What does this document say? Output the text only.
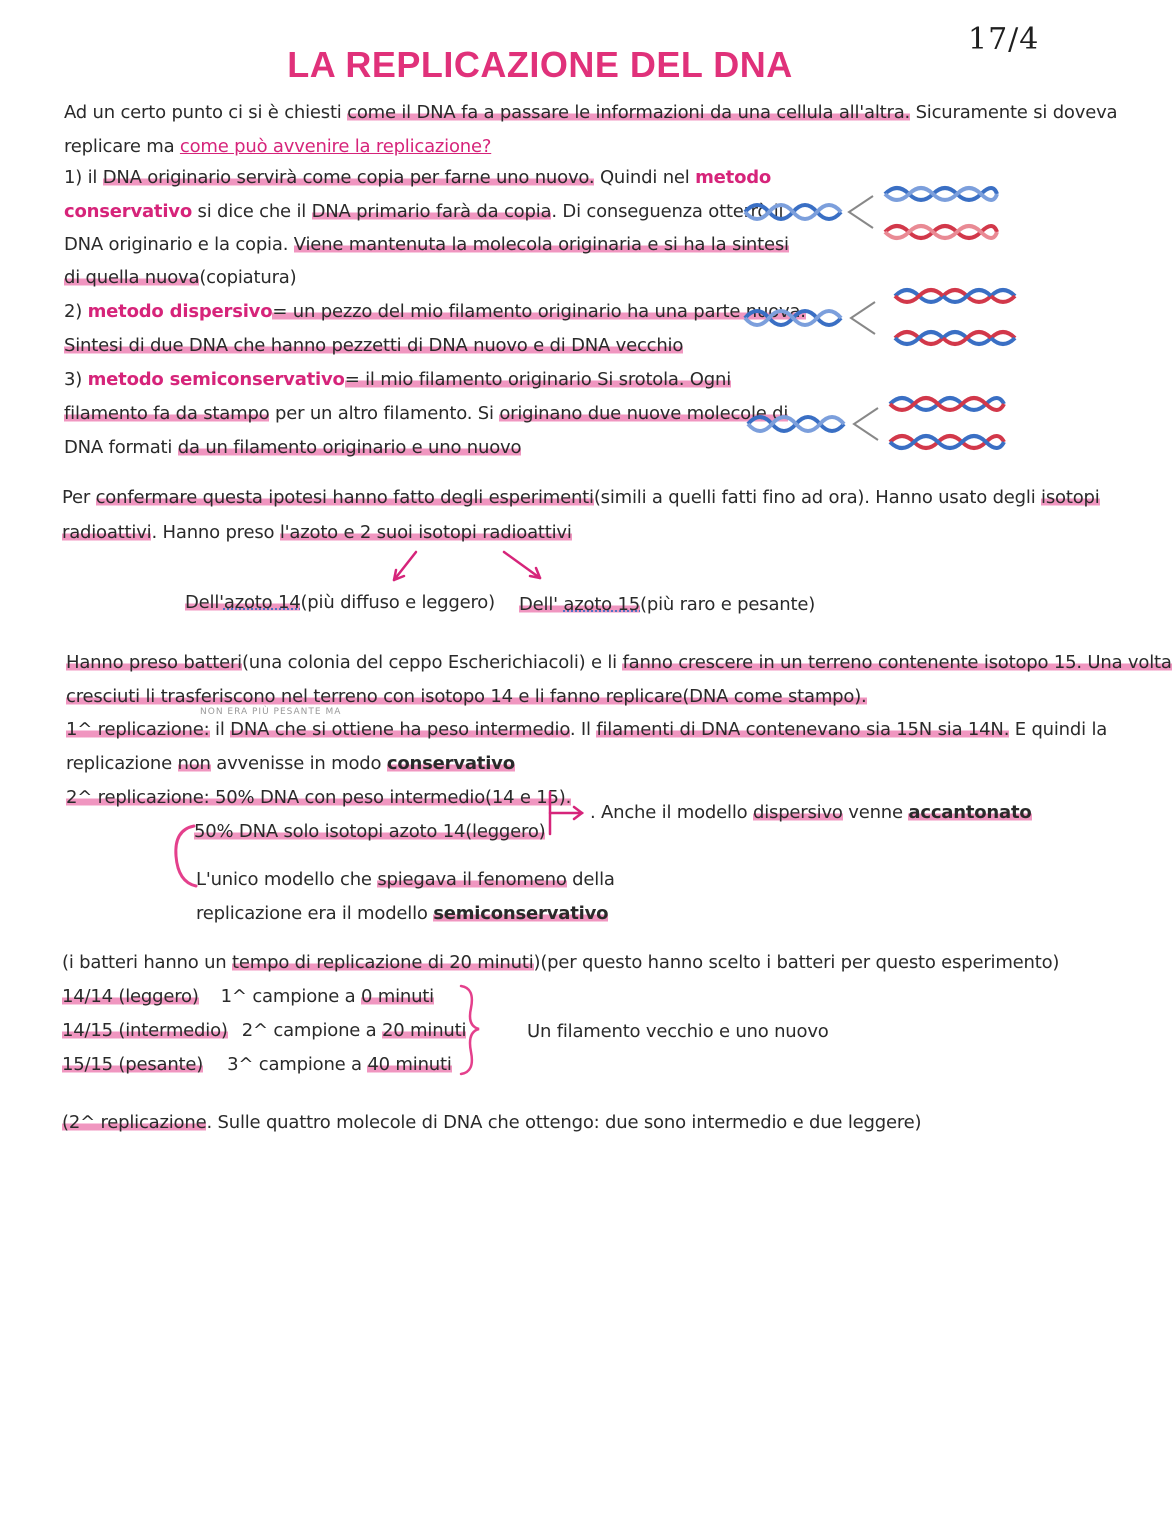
17/4
LA REPLICAZIONE DEL DNA
Ad un certo punto ci si è chiesti come il DNA fa a passare le informazioni da una cellula all'altra. Sicuramente si doveva
replicare ma come può avvenire la replicazione?
1) il DNA originario servirà come copia per farne uno nuovo. Quindi nel metodo
conservativo si dice che il DNA primario farà da copia. Di conseguenza otterrò il
DNA originario e la copia. Viene mantenuta la molecola originaria e si ha la sintesi
di quella nuova(copiatura)
2) metodo dispersivo= un pezzo del mio filamento originario ha una parte nuova.
Sintesi di due DNA che hanno pezzetti di DNA nuovo e di DNA vecchio
3) metodo semiconservativo= il mio filamento originario Si srotola. Ogni
filamento fa da stampo per un altro filamento. Si originano due nuove molecole di
DNA formati da un filamento originario e uno nuovo
Per confermare questa ipotesi hanno fatto degli esperimenti(simili a quelli fatti fino ad ora). Hanno usato degli isotopi
radioattivi. Hanno preso l'azoto e 2 suoi isotopi radioattivi
Dell'azoto 14(più diffuso e leggero) Dell' azoto 15(più raro e pesante)
Hanno preso batteri(una colonia del ceppo Escherichiacoli) e li fanno crescere in un terreno contenente isotopo 15. Una volta
cresciuti li trasferiscono nel terreno con isotopo 14 e li fanno replicare(DNA come stampo).
NON ERA PIÙ PESANTE MA
1^ replicazione: il DNA che si ottiene ha peso intermedio. Il filamenti di DNA contenevano sia 15N sia 14N. E quindi la
replicazione non avvenisse in modo conservativo
2^ replicazione: 50% DNA con peso intermedio(14 e 15).
50% DNA solo isotopi azoto 14(leggero)
. Anche il modello dispersivo venne accantonato
L'unico modello che spiegava il fenomeno della
replicazione era il modello semiconservativo
(i batteri hanno un tempo di replicazione di 20 minuti)(per questo hanno scelto i batteri per questo esperimento)
14/14 (leggero) 1^ campione a 0 minuti
14/15 (intermedio) 2^ campione a 20 minuti
15/15 (pesante) 3^ campione a 40 minuti
Un filamento vecchio e uno nuovo
(2^ replicazione. Sulle quattro molecole di DNA che ottengo: due sono intermedio e due leggere)
